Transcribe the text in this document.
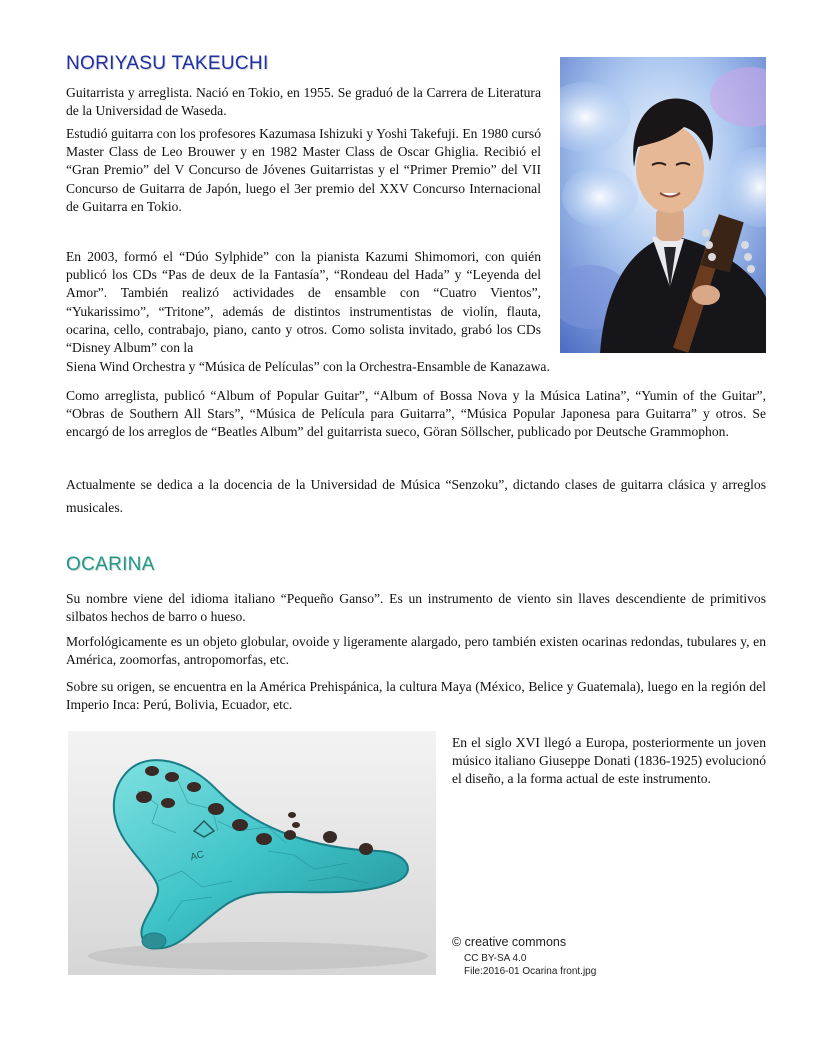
NORIYASU TAKEUCHI

Guitarrista y arreglista. Nació en Tokio, en 1955. Se graduó de la Carrera de Literatura de la Universidad de Waseda.

Estudió guitarra con los profesores Kazumasa Ishizuki y Yoshi Takefuji. En 1980 cursó Master Class de Leo Brouwer y en 1982 Master Class de Oscar Ghiglia. Recibió el “Gran Premio” del V Concurso de Jóvenes Guitarristas y el “Primer Premio” del VII Concurso de Guitarra de Japón, luego el 3er premio del XXV Concurso Internacional de Guitarra en Tokio.

En 2003, formó el “Dúo Sylphide” con la pianista Kazumi Shimomori, con quién publicó los CDs “Pas de deux de la Fantasía”, “Rondeau del Hada” y “Leyenda del Amor”. También realizó actividades de ensamble con “Cuatro Vientos”, “Yukarissimo”, “Tritone”, además de distintos instrumentistas de violín, flauta, ocarina, cello, contrabajo, piano, canto y otros. Como solista invitado, grabó los CDs “Disney Album” con la

Siena Wind Orchestra y “Música de Películas” con la Orchestra-Ensamble de Kanazawa.

Como arreglista, publicó “Album of Popular Guitar”, “Album of Bossa Nova y la Música Latina”, “Yumin of the Guitar”, “Obras de Southern All Stars”, “Música de Película para Guitarra”, “Música Popular Japonesa para Guitarra” y otros. Se encargó de los arreglos de “Beatles Album” del guitarrista sueco, Göran Söllscher, publicado por Deutsche Grammophon.

Actualmente se dedica a la docencia de la Universidad de Música “Senzoku”, dictando clases de guitarra clásica y arreglos musicales.

OCARINA

Su nombre viene del idioma italiano “Pequeño Ganso”. Es un instrumento de viento sin llaves descendiente de primitivos silbatos hechos de barro o hueso.

Morfológicamente es un objeto globular, ovoide y ligeramente alargado, pero también existen ocarinas redondas, tubulares y, en América, zoomorfas, antropomorfas, etc.

Sobre su origen, se encuentra en la América Prehispánica, la cultura Maya (México, Belice y Guatemala), luego en la región del Imperio Inca: Perú, Bolivia, Ecuador, etc.

En el siglo XVI llegó a Europa, posteriormente un joven músico italiano Giuseppe Donati (1836-1925) evolucionó el diseño, a la forma actual de este instrumento.

AC
© creative commons
CC BY-SA 4.0
File:2016-01 Ocarina front.jpg
